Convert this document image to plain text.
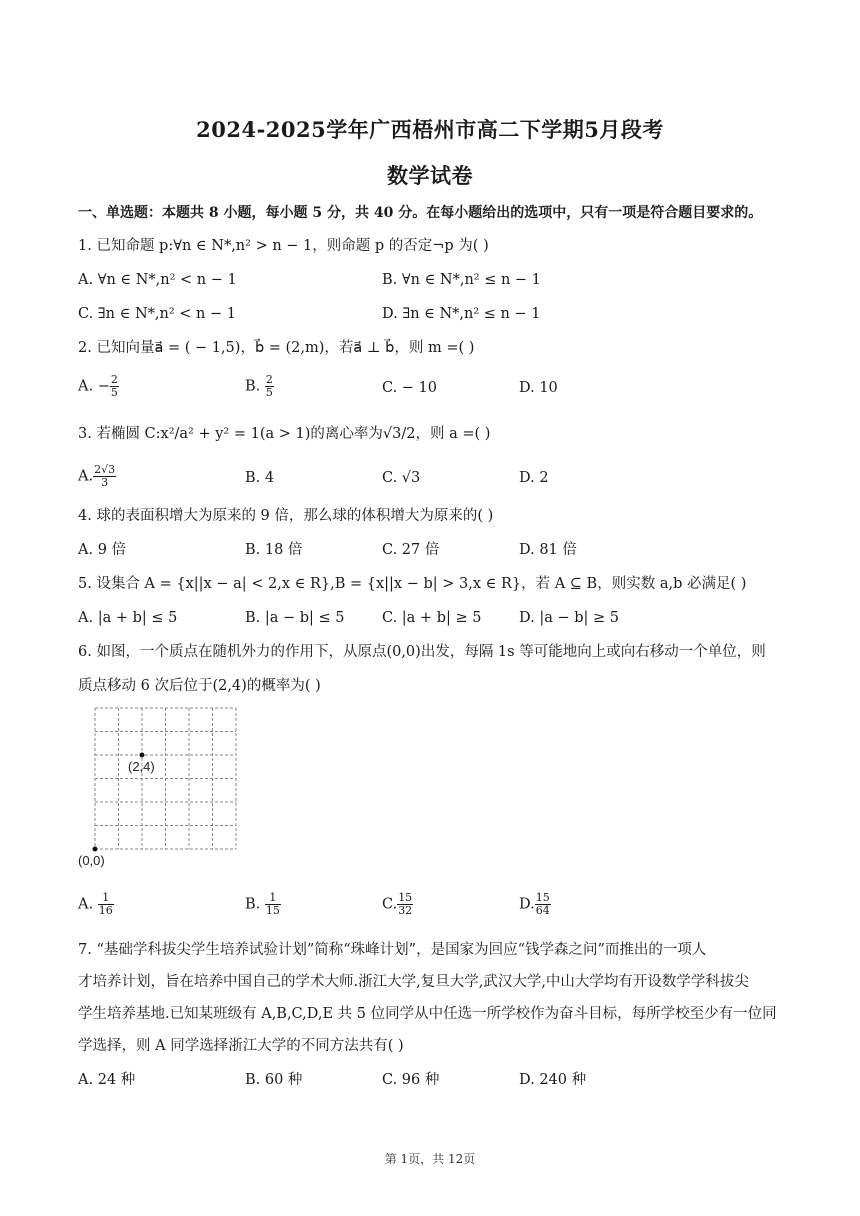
2024-2025学年广西梧州市高二下学期5月段考
数学试卷
一、单选题：本题共 8 小题，每小题 5 分，共 40 分。在每小题给出的选项中，只有一项是符合题目要求的。
1. 已知命题 p:∀n ∈ N*,n² > n − 1，则命题 p 的否定¬p 为( )
A. ∀n ∈ N*,n² < n − 1	B. ∀n ∈ N*,n² ≤ n − 1
C. ∃n ∈ N*,n² < n − 1	D. ∃n ∈ N*,n² ≤ n − 1
2. 已知向量a⃗ = ( − 1,5)，b⃗ = (2,m)，若a⃗ ⊥ b⃗，则 m =( )
A. − $\frac{2}{5}$	B. $\frac{2}{5}$	C. − 10	D. 10
3. 若椭圆 C:x²/a² + y² = 1(a > 1)的离心率为√3/2，则 a =( )
A. $\frac{2√3}{3}$	B. 4	C. √3	D. 2
4. 球的表面积增大为原来的 9 倍，那么球的体积增大为原来的( )
A. 9 倍	B. 18 倍	C. 27 倍	D. 81 倍
5. 设集合 A = {x||x − a| < 2,x ∈ R},B = {x||x − b| > 3,x ∈ R}，若 A ⊆ B，则实数 a,b 必满足( )
A. |a + b| ≤ 5	B. |a − b| ≤ 5	C. |a + b| ≥ 5	D. |a − b| ≥ 5
6. 如图，一个质点在随机外力的作用下，从原点(0,0)出发，每隔 1s 等可能地向上或向右移动一个单位，则
质点移动 6 次后位于(2,4)的概率为( )
(0,0)
(2,4)
A. $\frac{1}{16}$	B. $\frac{1}{15}$	C. $\frac{15}{32}$	D. $\frac{15}{64}$
7. “基础学科拔尖学生培养试验计划”简称“珠峰计划”，是国家为回应“钱学森之问”而推出的一项人
才培养计划，旨在培养中国自己的学术大师.浙江大学,复旦大学,武汉大学,中山大学均有开设数学学科拔尖
学生培养基地.已知某班级有 A,B,C,D,E 共 5 位同学从中任选一所学校作为奋斗目标，每所学校至少有一位同
学选择，则 A 同学选择浙江大学的不同方法共有( )
A. 24 种	B. 60 种	C. 96 种	D. 240 种
第 1页，共 12页
